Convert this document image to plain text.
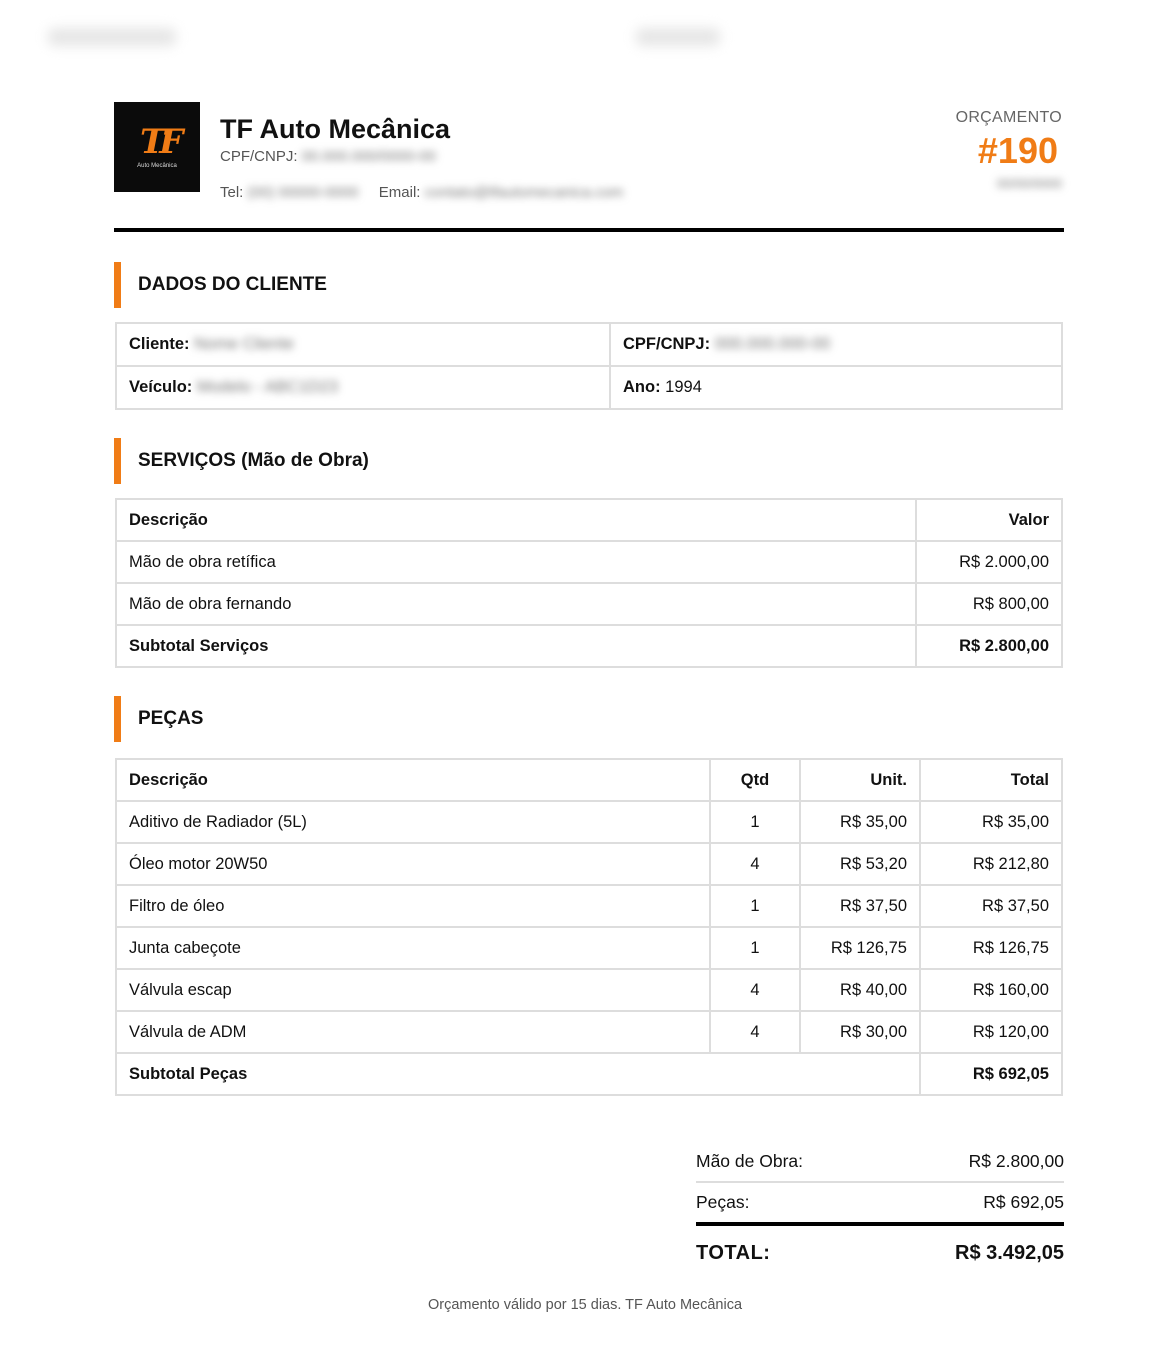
TF
Auto Mecânica
TF Auto Mecânica
CPF/CNPJ: 00.000.000/0000-00
Tel: (00) 00000-0000 Email: contato@tfautomecanica.com
ORÇAMENTO
#190
00/00/0000
DADOS DO CLIENTE
Cliente: Nome Cliente	CPF/CNPJ: 000.000.000-00
Veículo: Modelo - ABC1D23	Ano: 1994
SERVIÇOS (Mão de Obra)
Descrição	Valor
Mão de obra retífica	R$ 2.000,00
Mão de obra fernando	R$ 800,00
Subtotal Serviços	R$ 2.800,00
PEÇAS
Descrição	Qtd	Unit.	Total
Aditivo de Radiador (5L)	1	R$ 35,00	R$ 35,00
Óleo motor 20W50	4	R$ 53,20	R$ 212,80
Filtro de óleo	1	R$ 37,50	R$ 37,50
Junta cabeçote	1	R$ 126,75	R$ 126,75
Válvula escap	4	R$ 40,00	R$ 160,00
Válvula de ADM	4	R$ 30,00	R$ 120,00
Subtotal Peças			R$ 692,05
Mão de Obra:	R$ 2.800,00
Peças:	R$ 692,05
TOTAL:	R$ 3.492,05
Orçamento válido por 15 dias. TF Auto Mecânica
